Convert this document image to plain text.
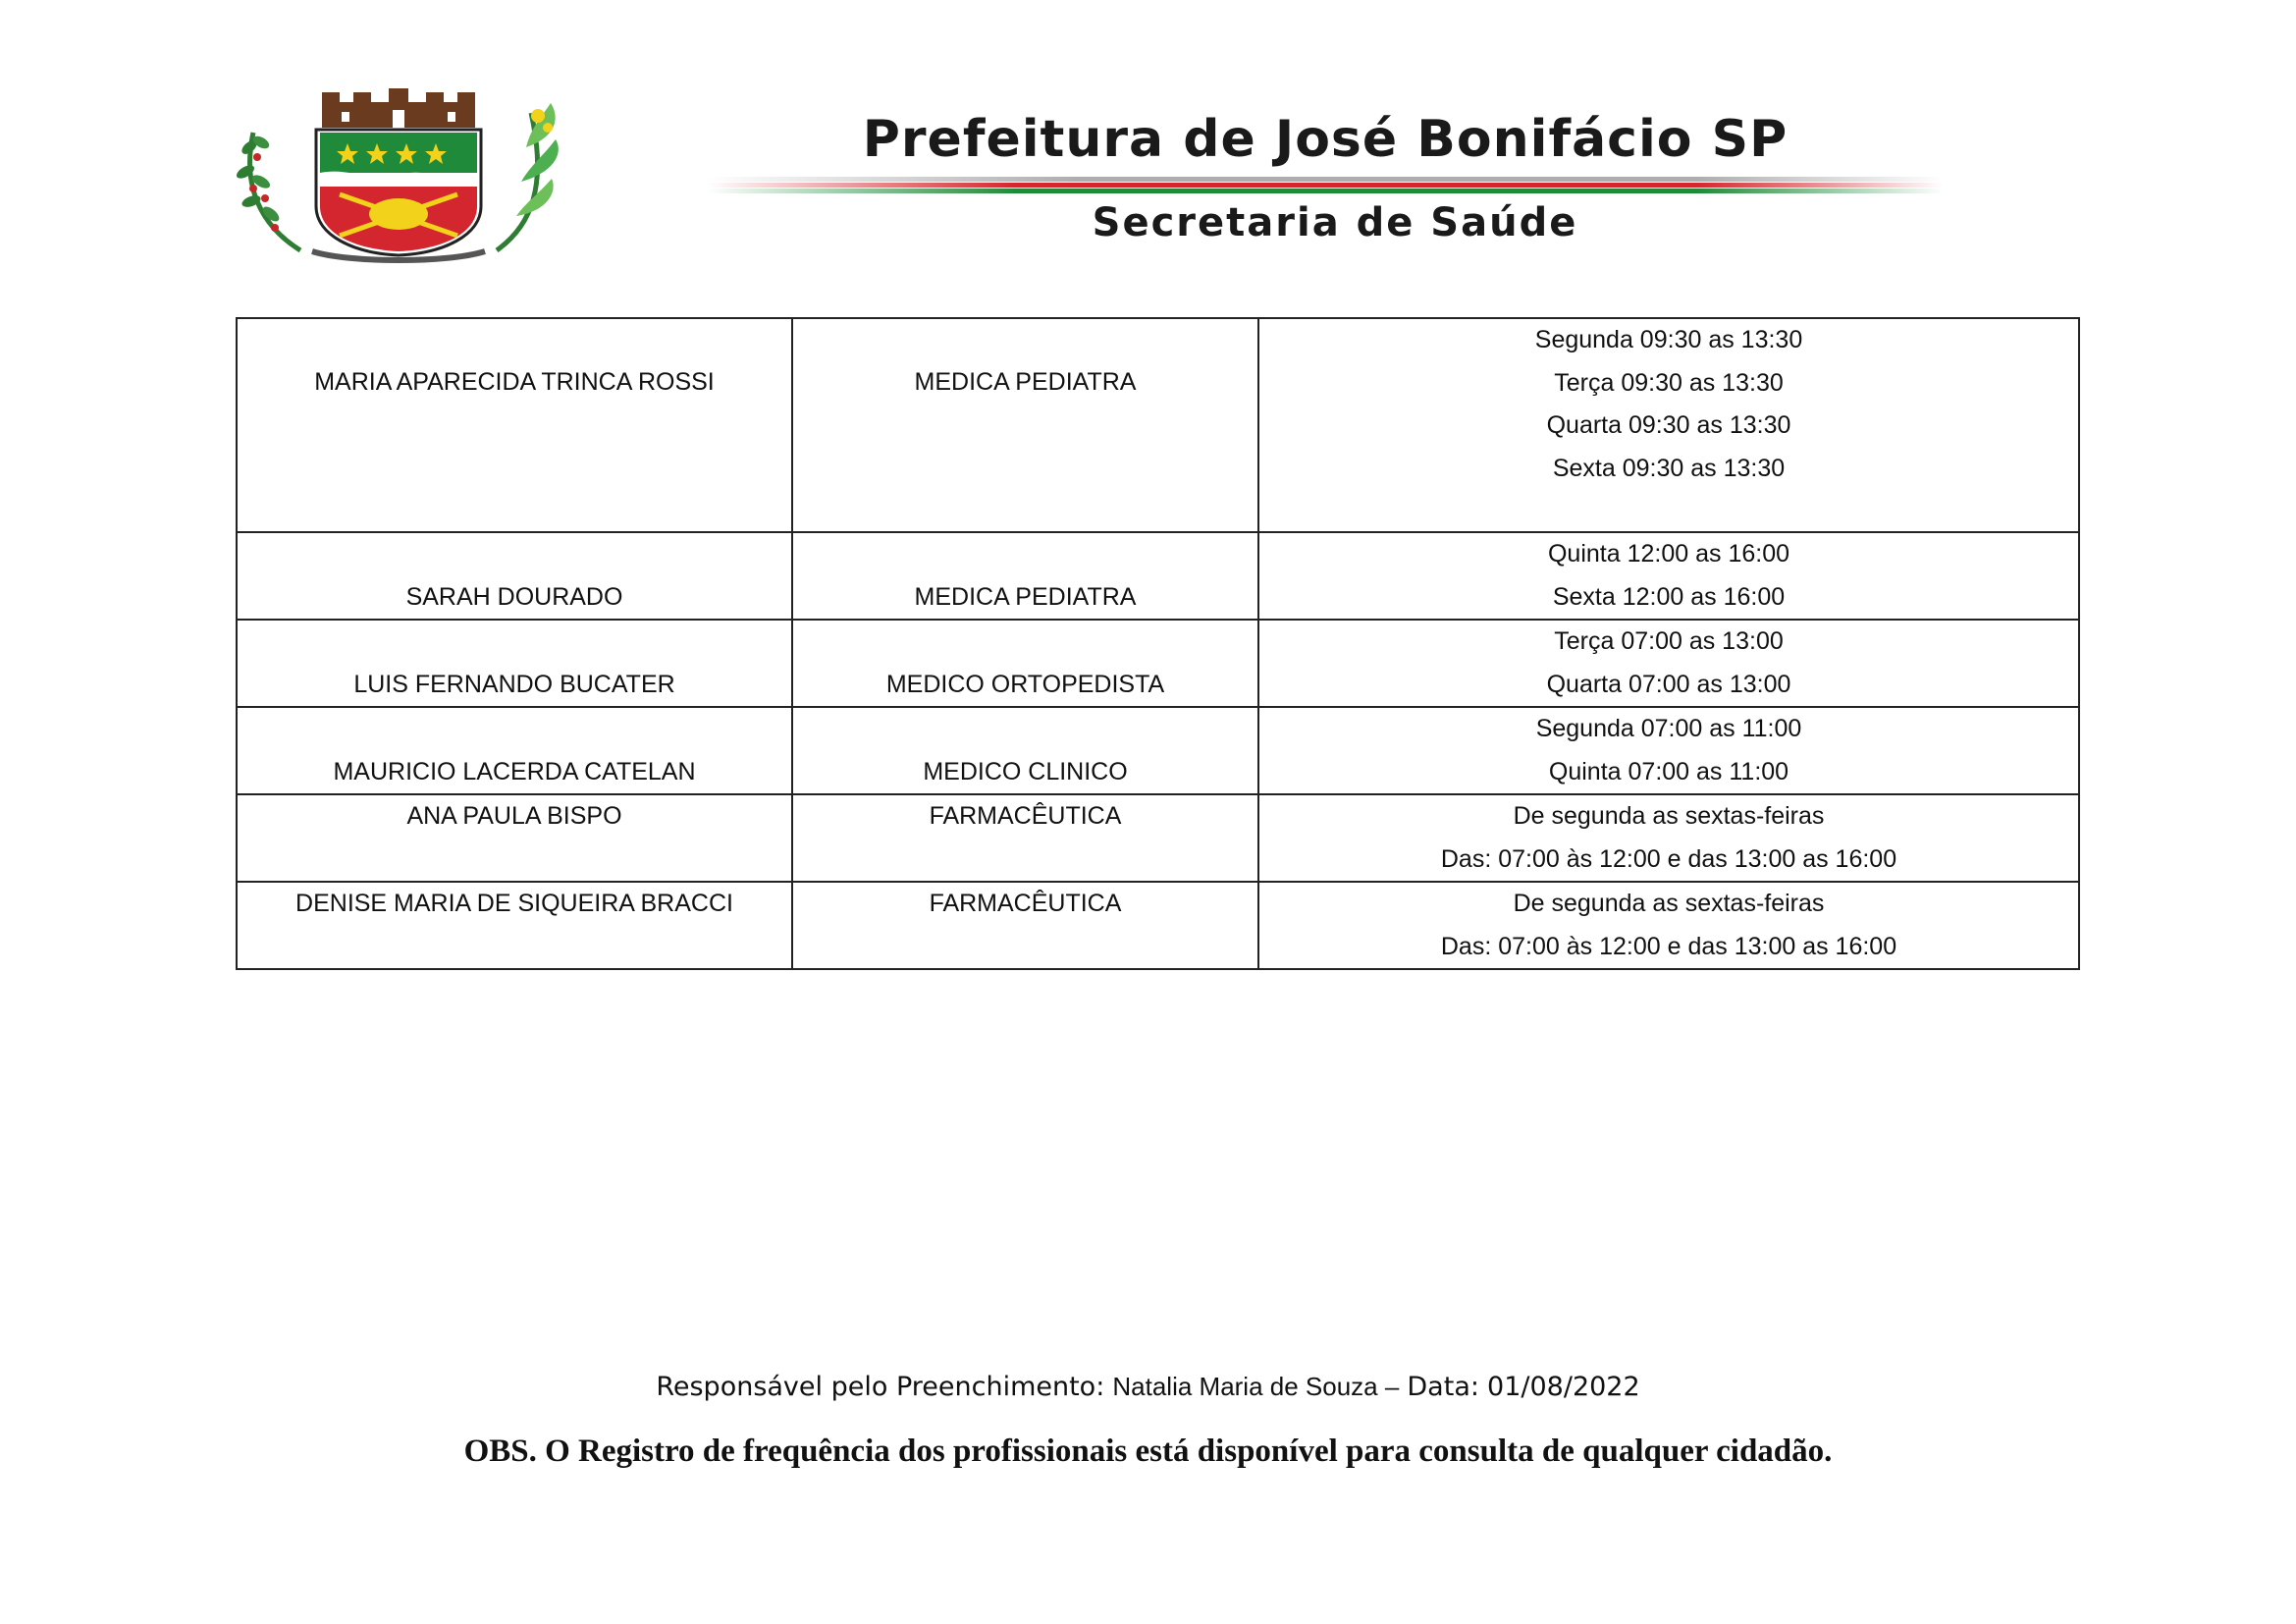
Prefeitura de José Bonifácio SP
Secretaria de Saúde
MARIA APARECIDA TRINCA ROSSI	MEDICA PEDIATRA	Segunda 09:30 as 13:30
Terça 09:30 as 13:30
Quarta 09:30 as 13:30
Sexta 09:30 as 13:30

SARAH DOURADO	MEDICA PEDIATRA	Quinta 12:00 as 16:00
Sexta 12:00 as 16:00

LUIS FERNANDO BUCATER	MEDICO ORTOPEDISTA	Terça 07:00 as 13:00
Quarta 07:00 as 13:00

MAURICIO LACERDA CATELAN	MEDICO CLINICO	Segunda 07:00 as 11:00
Quinta 07:00 as 11:00

ANA PAULA BISPO	FARMACÊUTICA	De segunda as sextas-feiras
Das: 07:00 às 12:00 e das 13:00 as 16:00

DENISE MARIA DE SIQUEIRA BRACCI	FARMACÊUTICA	De segunda as sextas-feiras
Das: 07:00 às 12:00 e das 13:00 as 16:00
Responsável pelo Preenchimento: Natalia Maria de Souza – Data: 01/08/2022
OBS. O Registro de frequência dos profissionais está disponível para consulta de qualquer cidadão.
